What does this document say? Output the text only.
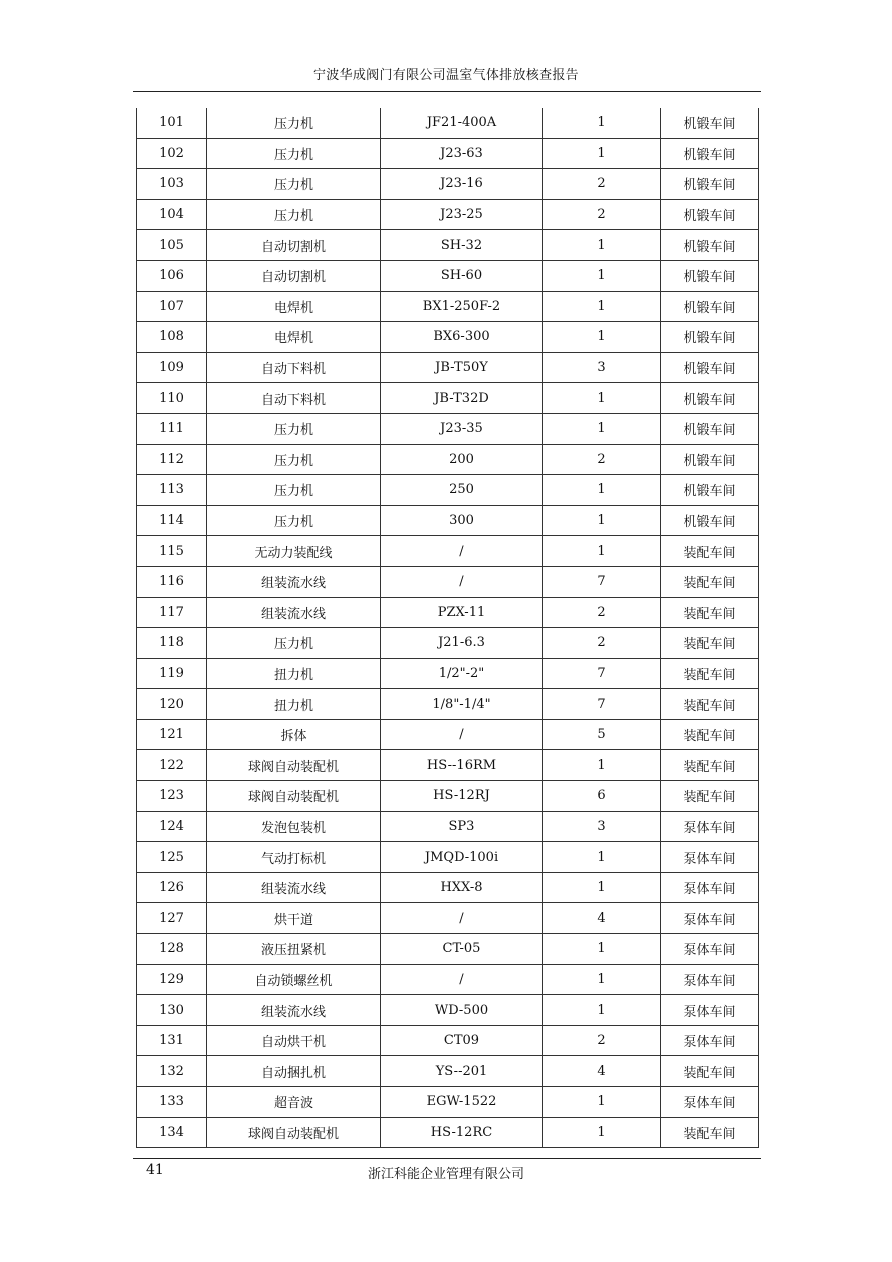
宁波华成阀门有限公司温室气体排放核查报告
101	压力机	JF21-400A	1	机锻车间
102	压力机	J23-63	1	机锻车间
103	压力机	J23-16	2	机锻车间
104	压力机	J23-25	2	机锻车间
105	自动切割机	SH-32	1	机锻车间
106	自动切割机	SH-60	1	机锻车间
107	电焊机	BX1-250F-2	1	机锻车间
108	电焊机	BX6-300	1	机锻车间
109	自动下料机	JB-T50Y	3	机锻车间
110	自动下料机	JB-T32D	1	机锻车间
111	压力机	J23-35	1	机锻车间
112	压力机	200	2	机锻车间
113	压力机	250	1	机锻车间
114	压力机	300	1	机锻车间
115	无动力装配线	/	1	装配车间
116	组装流水线	/	7	装配车间
117	组装流水线	PZX-11	2	装配车间
118	压力机	J21-6.3	2	装配车间
119	扭力机	1/2"-2"	7	装配车间
120	扭力机	1/8"-1/4"	7	装配车间
121	拆体	/	5	装配车间
122	球阀自动装配机	HS--16RM	1	装配车间
123	球阀自动装配机	HS-12RJ	6	装配车间
124	发泡包装机	SP3	3	泵体车间
125	气动打标机	JMQD-100i	1	泵体车间
126	组装流水线	HXX-8	1	泵体车间
127	烘干道	/	4	泵体车间
128	液压扭紧机	CT-05	1	泵体车间
129	自动锁螺丝机	/	1	泵体车间
130	组装流水线	WD-500	1	泵体车间
131	自动烘干机	CT09	2	泵体车间
132	自动捆扎机	YS--201	4	装配车间
133	超音波	EGW-1522	1	泵体车间
134	球阀自动装配机	HS-12RC	1	装配车间
41	浙江科能企业管理有限公司
